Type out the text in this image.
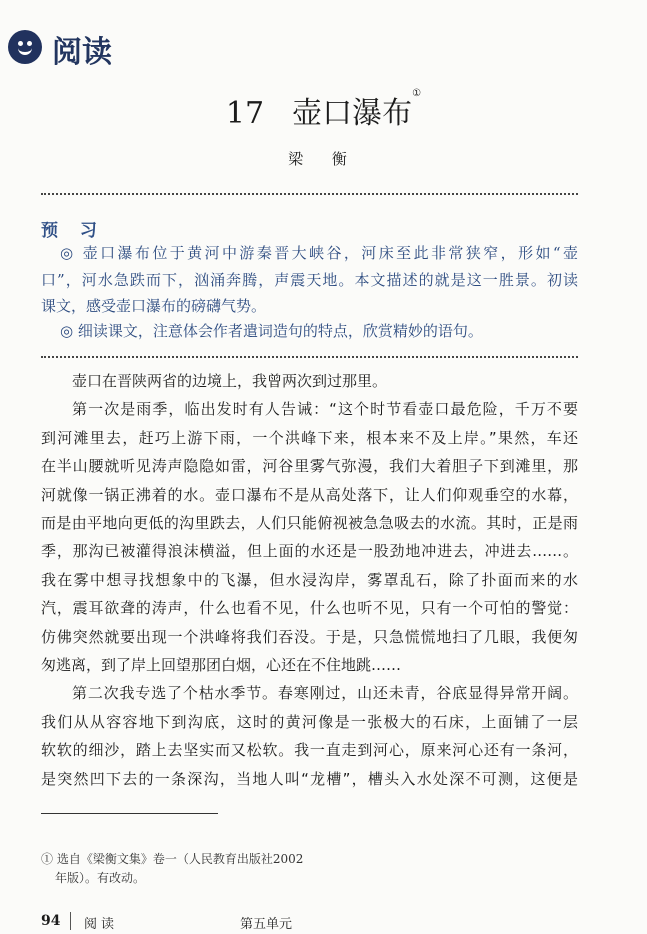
阅读
17 壶口瀑布①
梁 衡
预 习
◎ 壶口瀑布位于黄河中游秦晋大峡谷，河床至此非常狭窄，形如“壶
口”，河水急跌而下，汹涌奔腾，声震天地。本文描述的就是这一胜景。初读
课文，感受壶口瀑布的磅礴气势。
◎ 细读课文，注意体会作者遣词造句的特点，欣赏精妙的语句。
壶口在晋陕两省的边境上，我曾两次到过那里。
第一次是雨季，临出发时有人告诫：“这个时节看壶口最危险，千万不要
到河滩里去，赶巧上游下雨，一个洪峰下来，根本来不及上岸。”果然，车还
在半山腰就听见涛声隐隐如雷，河谷里雾气弥漫，我们大着胆子下到滩里，那
河就像一锅正沸着的水。壶口瀑布不是从高处落下，让人们仰观垂空的水幕，
而是由平地向更低的沟里跌去，人们只能俯视被急急吸去的水流。其时，正是雨
季，那沟已被灌得浪沫横溢，但上面的水还是一股劲地冲进去，冲进去……。
我在雾中想寻找想象中的飞瀑，但水浸沟岸，雾罩乱石，除了扑面而来的水
汽，震耳欲聋的涛声，什么也看不见，什么也听不见，只有一个可怕的警觉：
仿佛突然就要出现一个洪峰将我们吞没。于是，只急慌慌地扫了几眼，我便匆
匆逃离，到了岸上回望那团白烟，心还在不住地跳……
第二次我专选了个枯水季节。春寒刚过，山还未青，谷底显得异常开阔。
我们从从容容地下到沟底，这时的黄河像是一张极大的石床，上面铺了一层
软软的细沙，踏上去坚实而又松软。我一直走到河心，原来河心还有一条河，
是突然凹下去的一条深沟，当地人叫“龙槽”，槽头入水处深不可测，这便是
① 选自《梁衡文集》卷一（人民教育出版社2002
年版）。有改动。
94 阅读	第五单元
